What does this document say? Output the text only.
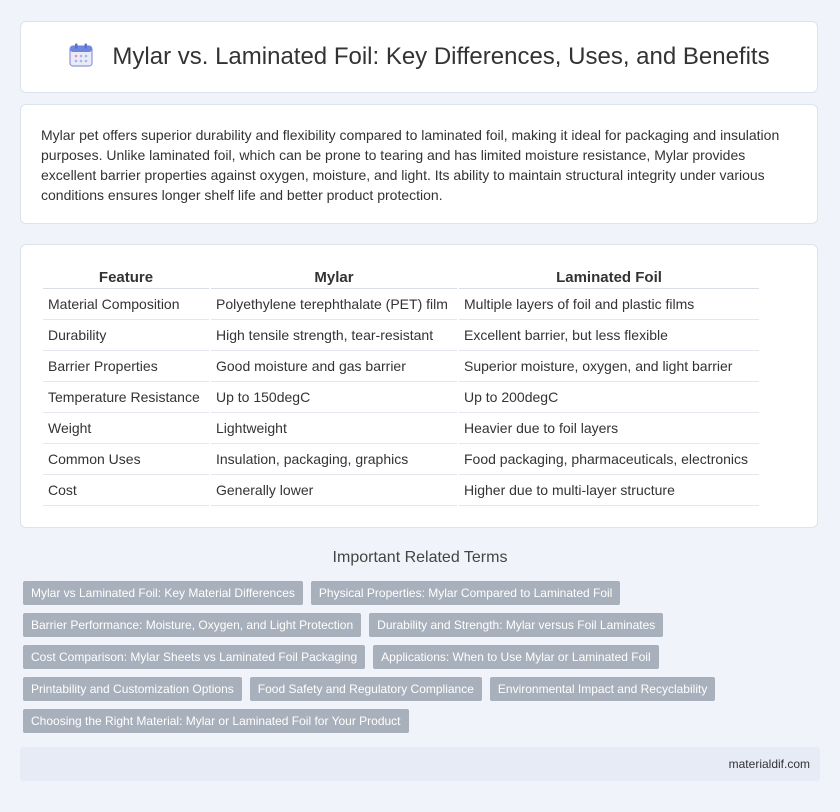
Mylar vs. Laminated Foil: Key Differences, Uses, and Benefits

Mylar pet offers superior durability and flexibility compared to laminated foil, making it ideal for packaging and insulation purposes. Unlike laminated foil, which can be prone to tearing and has limited moisture resistance, Mylar provides excellent barrier properties against oxygen, moisture, and light. Its ability to maintain structural integrity under various conditions ensures longer shelf life and better product protection.

Feature		Mylar		Laminated Foil
Material Composition		Polyethylene terephthalate (PET) film		Multiple layers of foil and plastic films
Durability		High tensile strength, tear-resistant		Excellent barrier, but less flexible
Barrier Properties		Good moisture and gas barrier		Superior moisture, oxygen, and light barrier
Temperature Resistance		Up to 150degC		Up to 200degC
Weight		Lightweight		Heavier due to foil layers
Common Uses		Insulation, packaging, graphics		Food packaging, pharmaceuticals, electronics
Cost		Generally lower		Higher due to multi-layer structure
Important Related Terms
Mylar vs Laminated Foil: Key Material Differences	Physical Properties: Mylar Compared to Laminated Foil
Barrier Performance: Moisture, Oxygen, and Light Protection	Durability and Strength: Mylar versus Foil Laminates
Cost Comparison: Mylar Sheets vs Laminated Foil Packaging	Applications: When to Use Mylar or Laminated Foil
Printability and Customization Options	Food Safety and Regulatory Compliance	Environmental Impact and Recyclability
Choosing the Right Material: Mylar or Laminated Foil for Your Product
materialdif.com
